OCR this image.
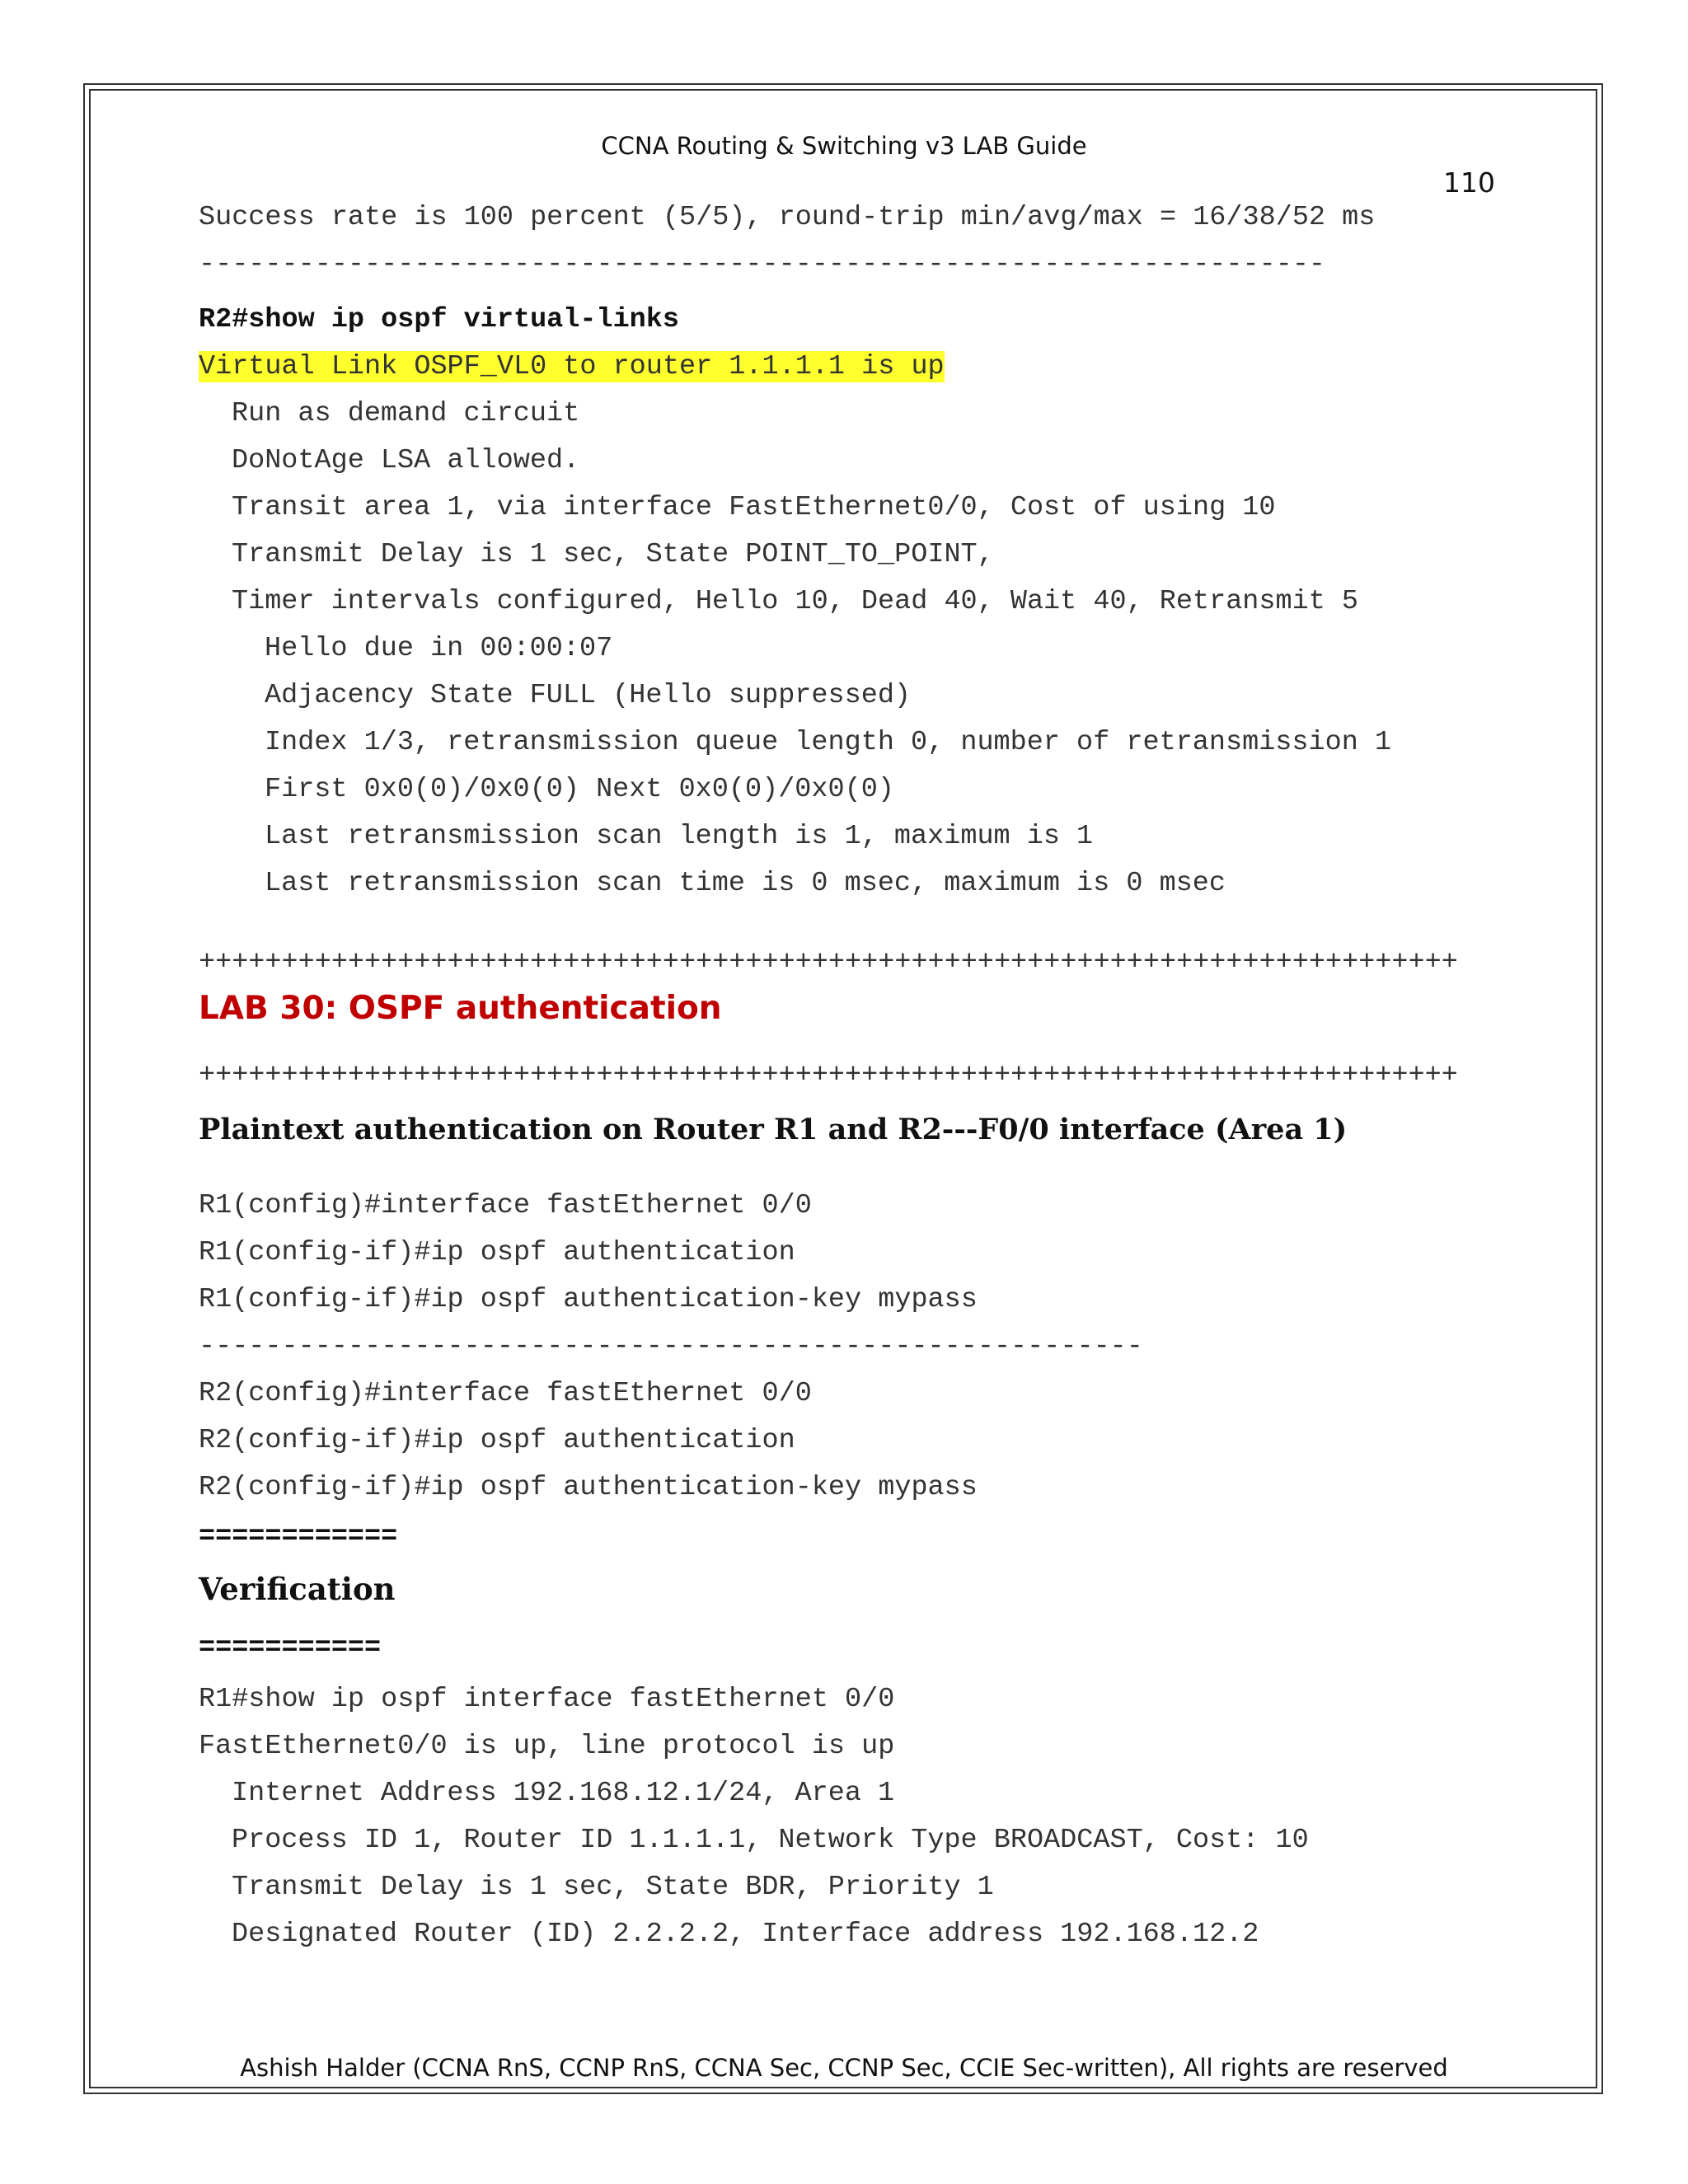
CCNA Routing & Switching v3 LAB Guide
110
Success rate is 100 percent (5/5), round-trip min/avg/max = 16/38/52 ms
--------------------------------------------------------------------
R2#show ip ospf virtual-links
Virtual Link OSPF_VL0 to router 1.1.1.1 is up
Run as demand circuit
DoNotAge LSA allowed.
Transit area 1, via interface FastEthernet0/0, Cost of using 10
Transmit Delay is 1 sec, State POINT_TO_POINT,
Timer intervals configured, Hello 10, Dead 40, Wait 40, Retransmit 5
Hello due in 00:00:07
Adjacency State FULL (Hello suppressed)
Index 1/3, retransmission queue length 0, number of retransmission 1
First 0x0(0)/0x0(0) Next 0x0(0)/0x0(0)
Last retransmission scan length is 1, maximum is 1
Last retransmission scan time is 0 msec, maximum is 0 msec
++++++++++++++++++++++++++++++++++++++++++++++++++++++++++++++++++++++++++++
LAB 30: OSPF authentication
++++++++++++++++++++++++++++++++++++++++++++++++++++++++++++++++++++++++++++
Plaintext authentication on Router R1 and R2---F0/0 interface (Area 1)
R1(config)#interface fastEthernet 0/0
R1(config-if)#ip ospf authentication
R1(config-if)#ip ospf authentication-key mypass
---------------------------------------------------------
R2(config)#interface fastEthernet 0/0
R2(config-if)#ip ospf authentication
R2(config-if)#ip ospf authentication-key mypass
============
Verification
===========
R1#show ip ospf interface fastEthernet 0/0
FastEthernet0/0 is up, line protocol is up
Internet Address 192.168.12.1/24, Area 1
Process ID 1, Router ID 1.1.1.1, Network Type BROADCAST, Cost: 10
Transmit Delay is 1 sec, State BDR, Priority 1
Designated Router (ID) 2.2.2.2, Interface address 192.168.12.2
Ashish Halder (CCNA RnS, CCNP RnS, CCNA Sec, CCNP Sec, CCIE Sec-written), All rights are reserved
